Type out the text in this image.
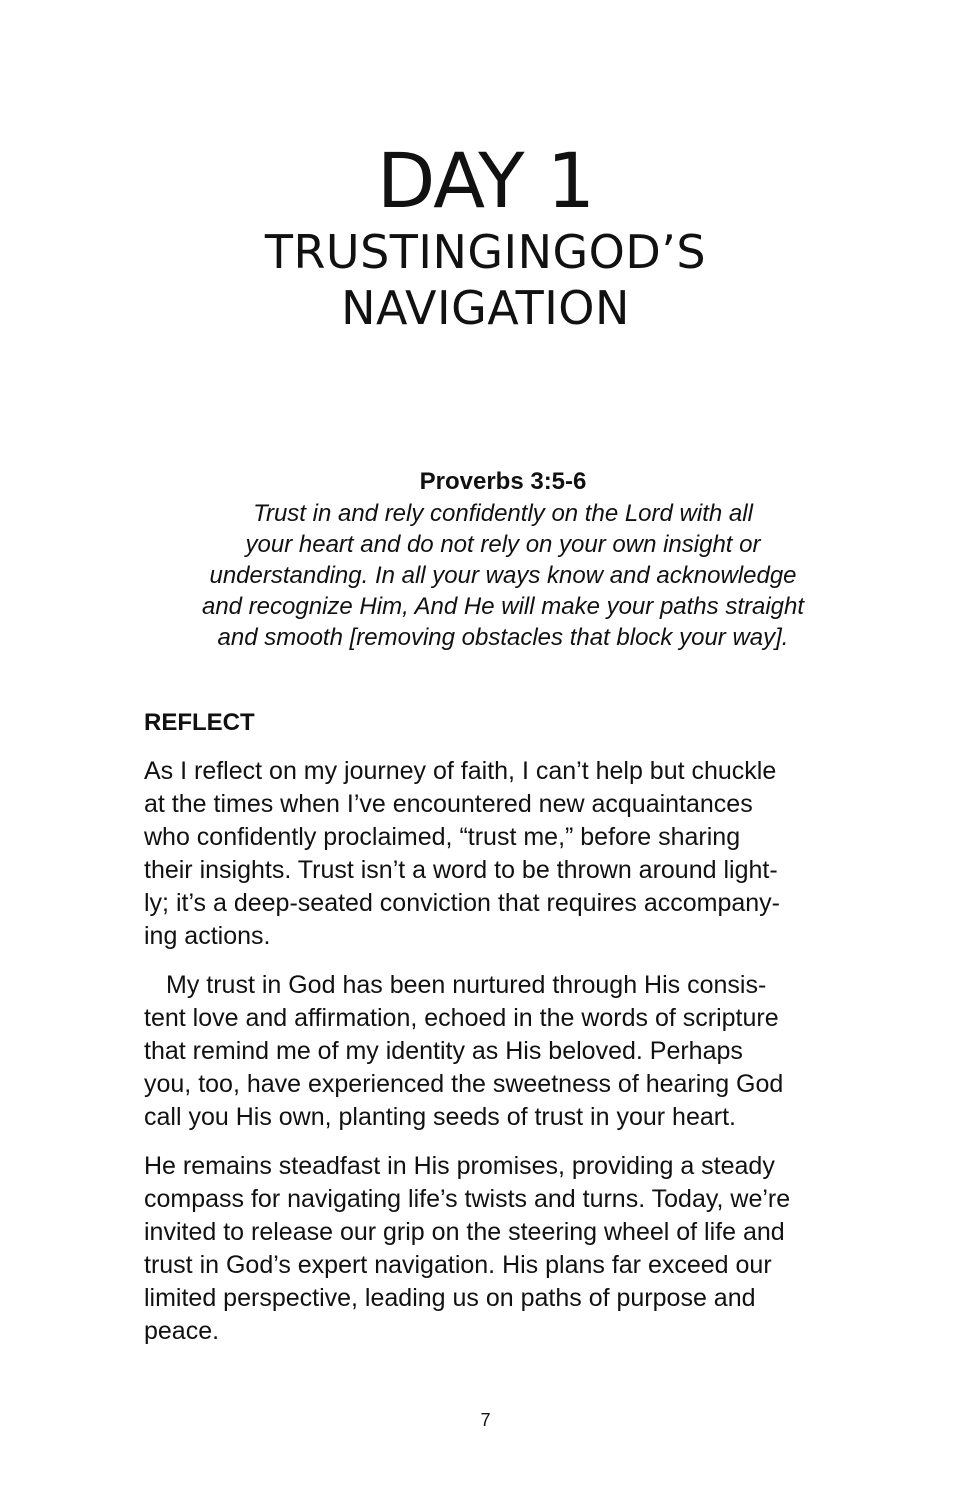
DAY 1
TRUSTINGINGOD’S
NAVIGATION
Proverbs 3:5-6
Trust in and rely confidently on the Lord with all
your heart and do not rely on your own insight or
understanding. In all your ways know and acknowledge
and recognize Him, And He will make your paths straight
and smooth [removing obstacles that block your way].
REFLECT
As I reflect on my journey of faith, I can’t help but chuckle
at the times when I’ve encountered new acquaintances
who confidently proclaimed, “trust me,” before sharing
their insights. Trust isn’t a word to be thrown around light-
ly; it’s a deep-seated conviction that requires accompany-
ing actions.
My trust in God has been nurtured through His consis-
tent love and affirmation, echoed in the words of scripture
that remind me of my identity as His beloved. Perhaps
you, too, have experienced the sweetness of hearing God
call you His own, planting seeds of trust in your heart.
He remains steadfast in His promises, providing a steady
compass for navigating life’s twists and turns. Today, we’re
invited to release our grip on the steering wheel of life and
trust in God’s expert navigation. His plans far exceed our
limited perspective, leading us on paths of purpose and
peace.
7
